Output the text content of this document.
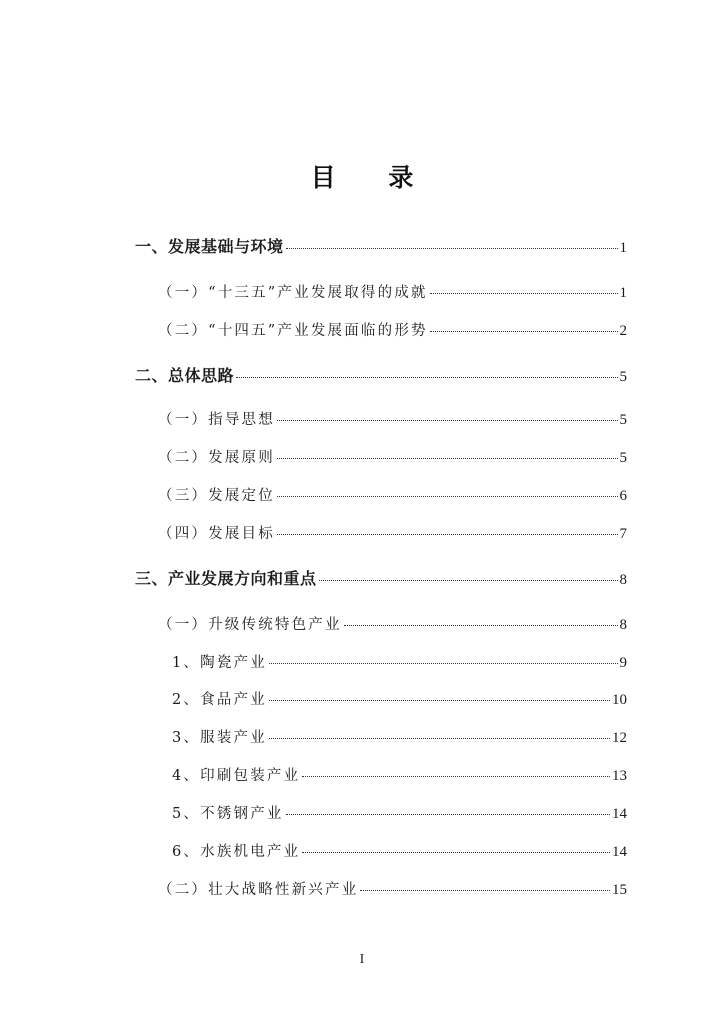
目 录
一、发展基础与环境	1
（一）“十三五”产业发展取得的成就	1
（二）“十四五”产业发展面临的形势	2
二、总体思路	5
（一）指导思想	5
（二）发展原则	5
（三）发展定位	6
（四）发展目标	7
三、产业发展方向和重点	8
（一）升级传统特色产业	8
1、陶瓷产业	9
2、食品产业	10
3、服装产业	12
4、印刷包装产业	13
5、不锈钢产业	14
6、水族机电产业	14
（二）壮大战略性新兴产业	15
I
